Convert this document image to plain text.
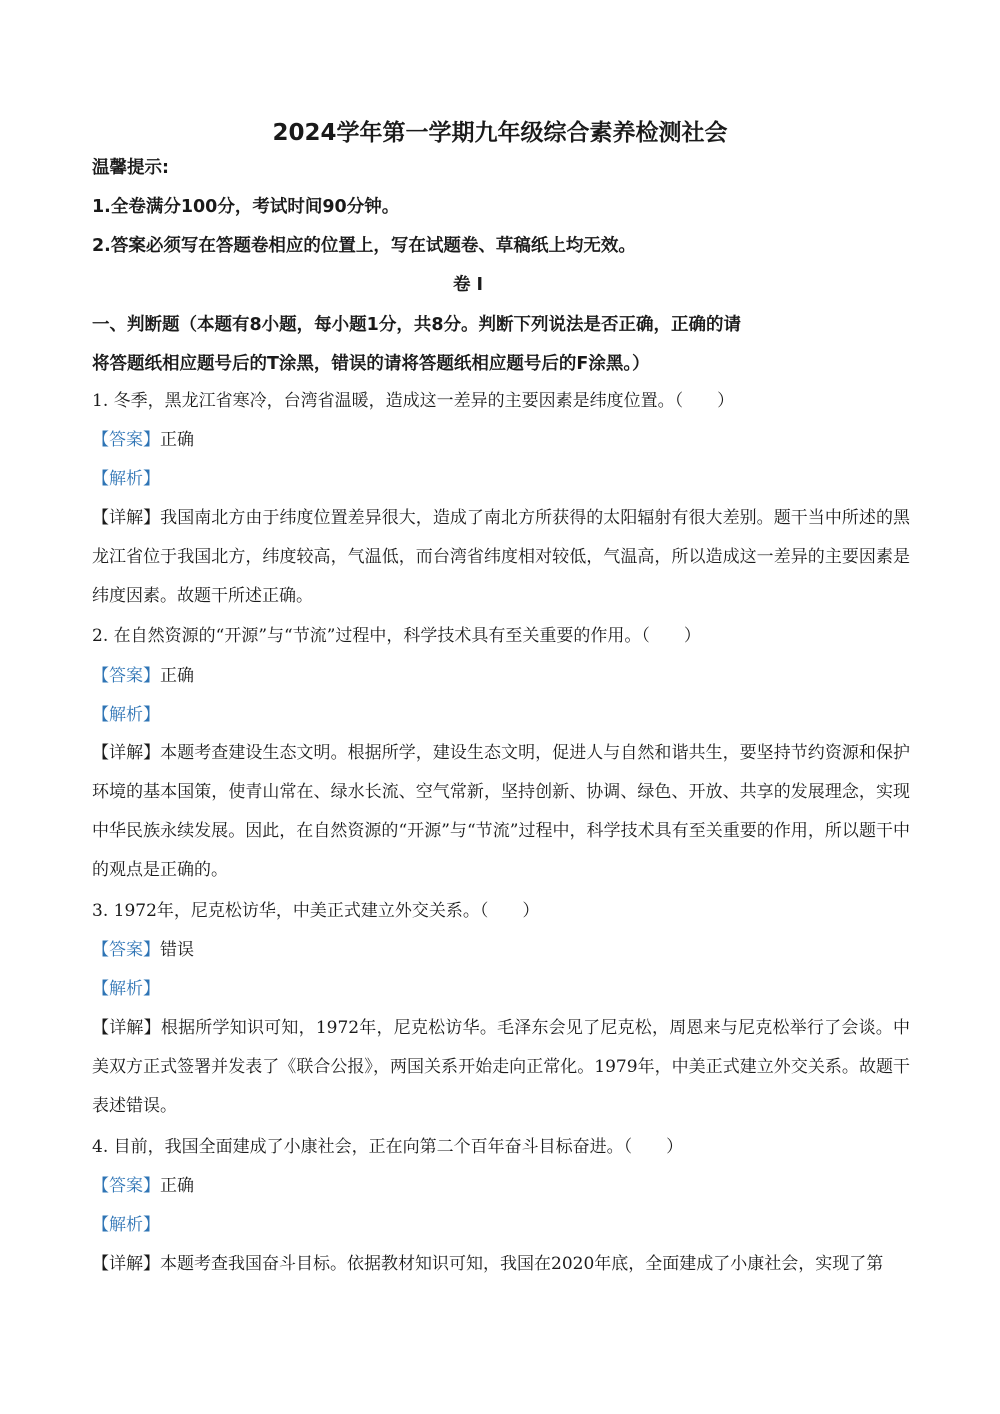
2024学年第一学期九年级综合素养检测社会
温馨提示:
1.全卷满分100分，考试时间90分钟。
2.答案必须写在答题卷相应的位置上，写在试题卷、草稿纸上均无效。
卷 I
一、判断题（本题有8小题，每小题1分，共8分。判断下列说法是否正确，正确的请
将答题纸相应题号后的T涂黑，错误的请将答题纸相应题号后的F涂黑。）
1. 冬季，黑龙江省寒冷，台湾省温暖，造成这一差异的主要因素是纬度位置。（　　）
【答案】正确
【解析】
【详解】我国南北方由于纬度位置差异很大，造成了南北方所获得的太阳辐射有很大差别。题干当中所述的黑龙江省位于我国北方，纬度较高，气温低，而台湾省纬度相对较低，气温高，所以造成这一差异的主要因素是纬度因素。故题干所述正确。
2. 在自然资源的“开源”与“节流”过程中，科学技术具有至关重要的作用。（　　）
【答案】正确
【解析】
【详解】本题考查建设生态文明。根据所学，建设生态文明，促进人与自然和谐共生，要坚持节约资源和保护环境的基本国策，使青山常在、绿水长流、空气常新，坚持创新、协调、绿色、开放、共享的发展理念，实现中华民族永续发展。因此，在自然资源的“开源”与“节流”过程中，科学技术具有至关重要的作用，所以题干中的观点是正确的。
3. 1972年，尼克松访华，中美正式建立外交关系。（　　）
【答案】错误
【解析】
【详解】根据所学知识可知，1972年，尼克松访华。毛泽东会见了尼克松，周恩来与尼克松举行了会谈。中美双方正式签署并发表了《联合公报》，两国关系开始走向正常化。1979年，中美正式建立外交关系。故题干表述错误。
4. 目前，我国全面建成了小康社会，正在向第二个百年奋斗目标奋进。（　　）
【答案】正确
【解析】
【详解】本题考查我国奋斗目标。依据教材知识可知，我国在2020年底，全面建成了小康社会，实现了第
